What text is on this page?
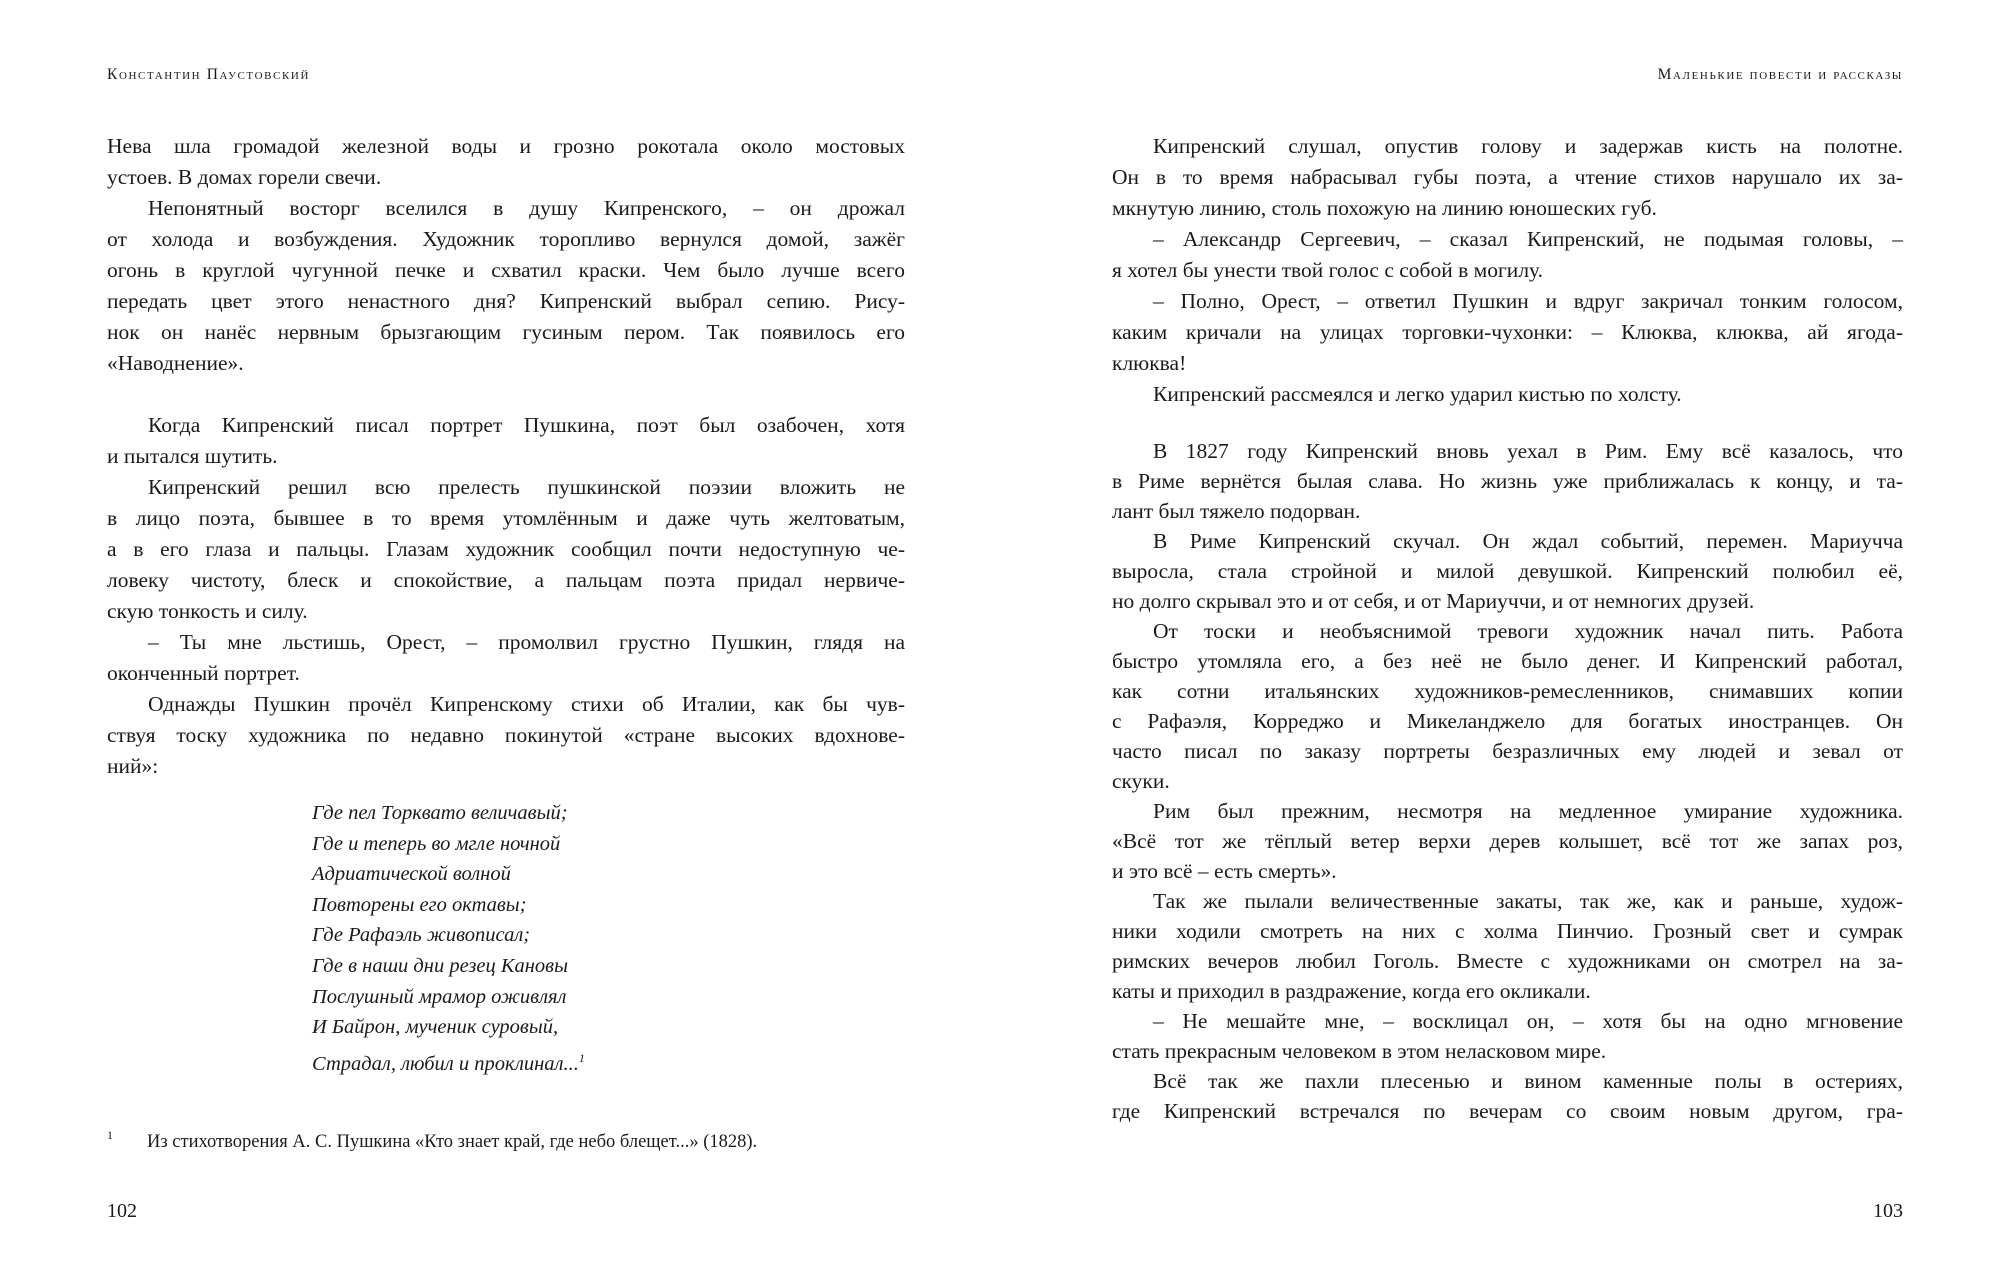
Константин Паустовский
Нева шла громадой железной воды и грозно рокотала около мостовых
устоев. В домах горели свечи.
Непонятный восторг вселился в душу Кипренского, – он дрожал
от холода и возбуждения. Художник торопливо вернулся домой, зажёг
огонь в круглой чугунной печке и схватил краски. Чем было лучше всего
передать цвет этого ненастного дня? Кипренский выбрал сепию. Рису-
нок он нанёс нервным брызгающим гусиным пером. Так появилось его
«Наводнение».
Когда Кипренский писал портрет Пушкина, поэт был озабочен, хотя
и пытался шутить.
Кипренский решил всю прелесть пушкинской поэзии вложить не
в лицо поэта, бывшее в то время утомлённым и даже чуть желтоватым,
а в его глаза и пальцы. Глазам художник сообщил почти недоступную че-
ловеку чистоту, блеск и спокойствие, а пальцам поэта придал нервиче-
скую тонкость и силу.
– Ты мне льстишь, Орест, – промолвил грустно Пушкин, глядя на
оконченный портрет.
Однажды Пушкин прочёл Кипренскому стихи об Италии, как бы чув-
ствуя тоску художника по недавно покинутой «стране высоких вдохнове-
ний»:
Где пел Торквато величавый;
Где и теперь во мгле ночной
Адриатической волной
Повторены его октавы;
Где Рафаэль живописал;
Где в наши дни резец Кановы
Послушный мрамор оживлял
И Байрон, мученик суровый,
Страдал, любил и проклинал...$^1$
1 Из стихотворения А. С. Пушкина «Кто знает край, где небо блещет...» (1828).
102
Маленькие повести и рассказы
Кипренский слушал, опустив голову и задержав кисть на полотне.
Он в то время набрасывал губы поэта, а чтение стихов нарушало их за-
мкнутую линию, столь похожую на линию юношеских губ.
– Александр Сергеевич, – сказал Кипренский, не подымая головы, –
я хотел бы унести твой голос с собой в могилу.
– Полно, Орест, – ответил Пушкин и вдруг закричал тонким голосом,
каким кричали на улицах торговки-чухонки: – Клюква, клюква, ай ягода-
клюква!
Кипренский рассмеялся и легко ударил кистью по холсту.
В 1827 году Кипренский вновь уехал в Рим. Ему всё казалось, что
в Риме вернётся былая слава. Но жизнь уже приближалась к концу, и та-
лант был тяжело подорван.
В Риме Кипренский скучал. Он ждал событий, перемен. Мариучча
выросла, стала стройной и милой девушкой. Кипренский полюбил её,
но долго скрывал это и от себя, и от Мариуччи, и от немногих друзей.
От тоски и необъяснимой тревоги художник начал пить. Работа
быстро утомляла его, а без неё не было денег. И Кипренский работал,
как сотни итальянских художников-ремесленников, снимавших копии
с Рафаэля, Корреджо и Микеланджело для богатых иностранцев. Он
часто писал по заказу портреты безразличных ему людей и зевал от
скуки.
Рим был прежним, несмотря на медленное умирание художника.
«Всё тот же тёплый ветер верхи дерев колышет, всё тот же запах роз,
и это всё – есть смерть».
Так же пылали величественные закаты, так же, как и раньше, худож-
ники ходили смотреть на них с холма Пинчио. Грозный свет и сумрак
римских вечеров любил Гоголь. Вместе с художниками он смотрел на за-
каты и приходил в раздражение, когда его окликали.
– Не мешайте мне, – восклицал он, – хотя бы на одно мгновение
стать прекрасным человеком в этом неласковом мире.
Всё так же пахли плесенью и вином каменные полы в остериях,
где Кипренский встречался по вечерам со своим новым другом, гра-
103
